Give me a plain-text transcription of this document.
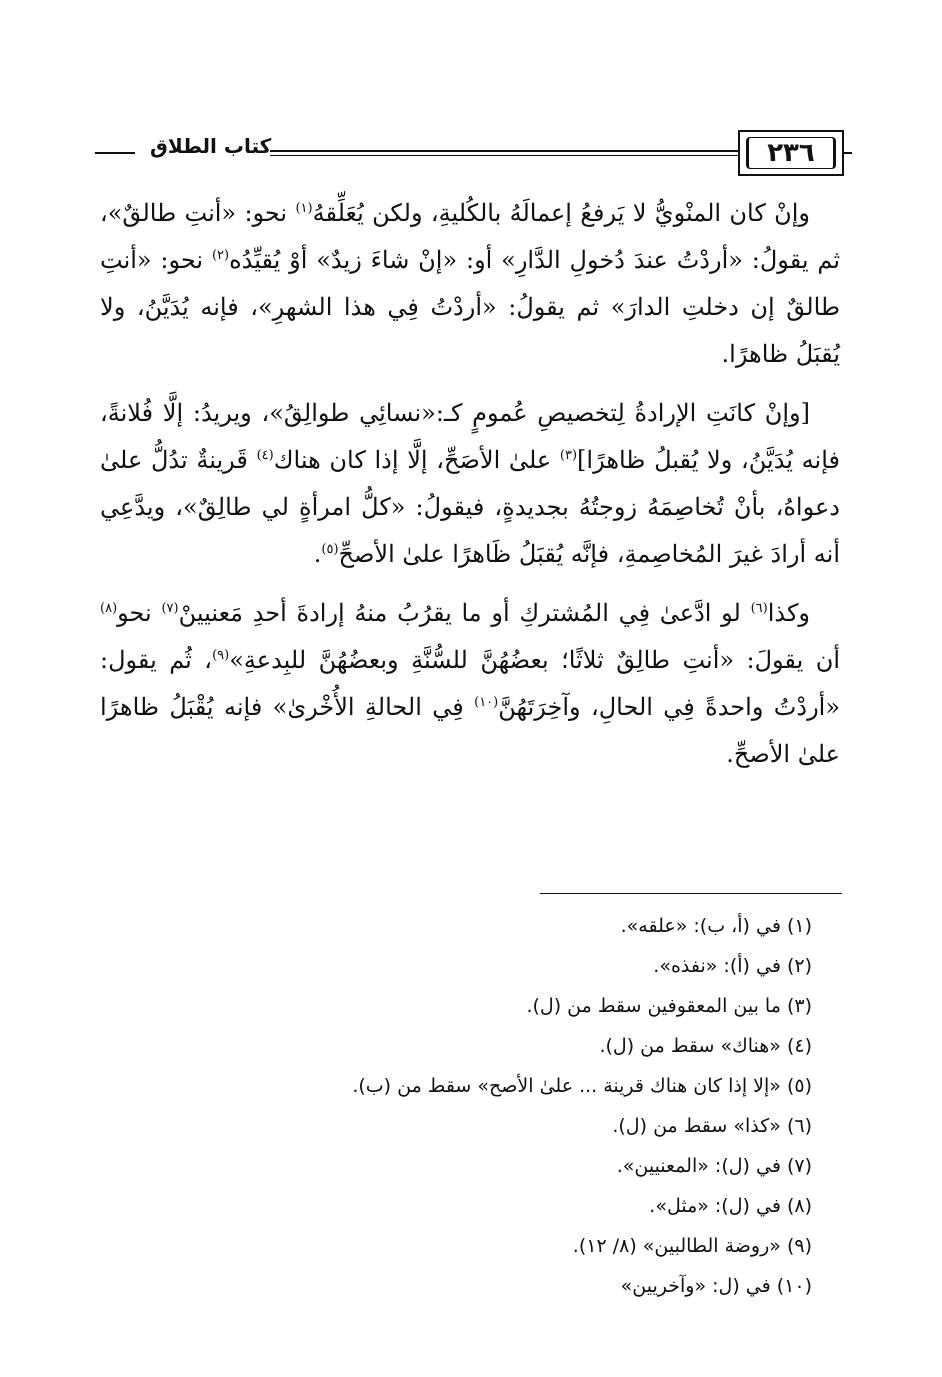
٢٣٦
كتاب الطلاق

وإنْ كان المنْويُّ لا يَرفعُ إعمالَهُ بالكُليةِ، ولكن يُعَلِّقهُ$^{(١)}$ نحو: «أنتِ طالقٌ»، ثم يقولُ: «أردْتُ عندَ دُخولِ الدَّارِ» أو: «إنْ شاءَ زيدٌ» أوْ يُقيِّدُه$^{(٢)}$ نحو: «أنتِ طالقٌ إن دخلتِ الدارَ» ثم يقولُ: «أردْتُ فِي هذا الشهرِ»، فإنه يُدَيَّنُ، ولا يُقبَلُ ظاهرًا.

[وإنْ كانَتِ الإرادةُ لِتخصيصِ عُمومٍ كـ:«نسائِي طوالِقُ»، ويريدُ: إلَّا فُلانةً، فإنه يُدَيَّنُ، ولا يُقبلُ ظاهرًا]$^{(٣)}$ علىٰ الأصَحِّ، إلَّا إذا كان هناك$^{(٤)}$ قَرينةٌ تدُلُّ علىٰ دعواهُ، بأنْ تُخاصِمَهُ زوجتُهُ بجديدةٍ، فيقولُ: «كلُّ امرأةٍ لي طالِقٌ»، ويدَّعِي أنه أرادَ غيرَ المُخاصِمةِ، فإنَّه يُقبَلُ ظَاهرًا علىٰ الأصحِّ$^{(٥)}$.

وكذا$^{(٦)}$ لو ادَّعىٰ فِي المُشتركِ أو ما يقرُبُ منهُ إرادةَ أحدِ مَعنيينْ$^{(٧)}$ نحو$^{(٨)}$ أن يقولَ: «أنتِ طالِقٌ ثلاثًا؛ بعضُهُنَّ للسُّنَّةِ وبعضُهُنَّ للبِدعةِ»$^{(٩)}$، ثُم يقول: «أردْتُ واحدةً فِي الحالِ، وآخِرَتَهُنَّ$^{(١٠)}$ فِي الحالةِ الأُخْرىٰ» فإنه يُقْبَلُ ظاهرًا علىٰ الأصحِّ.

(١) في (أ، ب): «علقه».
(٢) في (أ): «نفذه».
(٣) ما بين المعقوفين سقط من (ل).
(٤) «هناك» سقط من (ل).
(٥) «إلا إذا كان هناك قرينة ... علىٰ الأصح» سقط من (ب).
(٦) «كذا» سقط من (ل).
(٧) في (ل): «المعنيين».
(٨) في (ل): «مثل».
(٩) «روضة الطالبين» (٨/ ١٢).
(١٠) في (ل: «وآخريين»
